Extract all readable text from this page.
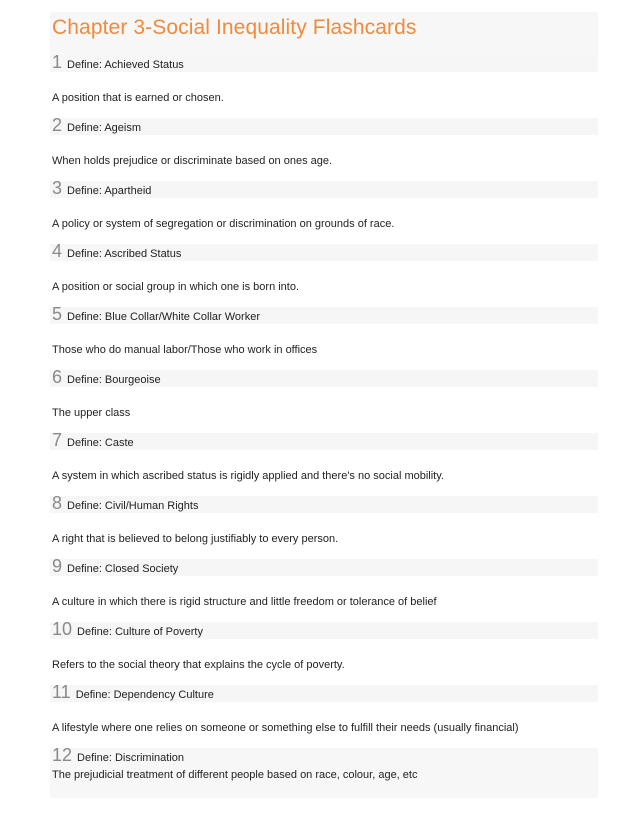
Chapter 3-Social Inequality Flashcards
1 Define: Achieved Status
A position that is earned or chosen.
2 Define: Ageism
When holds prejudice or discriminate based on ones age.
3 Define: Apartheid
A policy or system of segregation or discrimination on grounds of race.
4 Define: Ascribed Status
A position or social group in which one is born into.
5 Define: Blue Collar/White Collar Worker
Those who do manual labor/Those who work in offices
6 Define: Bourgeoise
The upper class
7 Define: Caste
A system in which ascribed status is rigidly applied and there's no social mobility.
8 Define: Civil/Human Rights
A right that is believed to belong justifiably to every person.
9 Define: Closed Society
A culture in which there is rigid structure and little freedom or tolerance of belief
10 Define: Culture of Poverty
Refers to the social theory that explains the cycle of poverty.
11 Define: Dependency Culture
A lifestyle where one relies on someone or something else to fulfill their needs (usually financial)
12 Define: Discrimination
The prejudicial treatment of different people based on race, colour, age, etc
